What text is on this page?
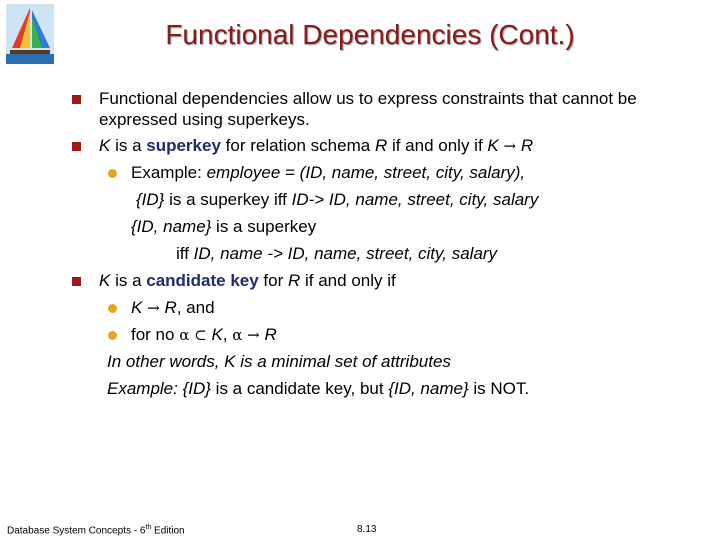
Functional Dependencies (Cont.)
Functional dependencies allow us to express constraints that cannot be
expressed using superkeys.
K is a superkey for relation schema R if and only if K → R
Example: employee = (ID, name, street, city, salary),
{ID} is a superkey iff ID-> ID, name, street, city, salary
{ID, name} is a superkey
iff ID, name -> ID, name, street, city, salary
K is a candidate key for R if and only if
K → R, and
for no α ⊂ K, α → R
In other words, K is a minimal set of attributes
Example: {ID} is a candidate key, but {ID, name} is NOT.
Database System Concepts - 6th Edition	8.13
